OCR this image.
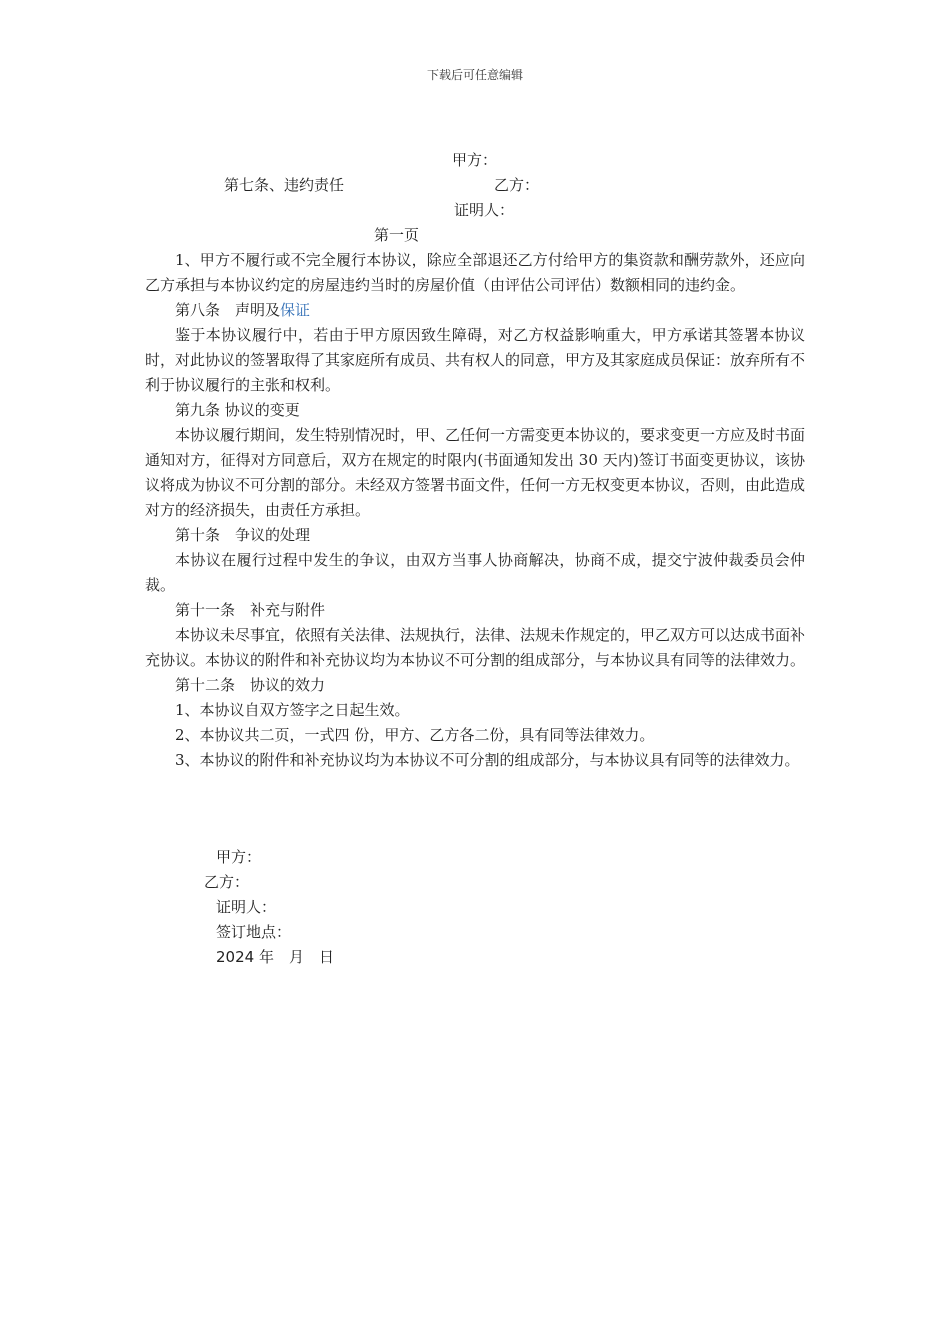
下载后可任意编辑
甲方：
第七条、违约责任	乙方：
证明人：
第一页

1、甲方不履行或不完全履行本协议，除应全部退还乙方付给甲方的集资款和酬劳款外，还应向乙方承担与本协议约定的房屋违约当时的房屋价值（由评估公司评估）数额相同的违约金。

第八条　声明及保证

鉴于本协议履行中，若由于甲方原因致生障碍，对乙方权益影响重大，甲方承诺其签署本协议时，对此协议的签署取得了其家庭所有成员、共有权人的同意，甲方及其家庭成员保证：放弃所有不利于协议履行的主张和权利。

第九条 协议的变更

本协议履行期间，发生特别情况时，甲、乙任何一方需变更本协议的，要求变更一方应及时书面通知对方，征得对方同意后，双方在规定的时限内(书面通知发出 30 天内)签订书面变更协议，该协议将成为协议不可分割的部分。未经双方签署书面文件，任何一方无权变更本协议，否则，由此造成对方的经济损失，由责任方承担。

第十条　争议的处理

本协议在履行过程中发生的争议，由双方当事人协商解决，协商不成，提交宁波仲裁委员会仲裁。

第十一条　补充与附件

本协议未尽事宜，依照有关法律、法规执行，法律、法规未作规定的，甲乙双方可以达成书面补充协议。本协议的附件和补充协议均为本协议不可分割的组成部分，与本协议具有同等的法律效力。

第十二条　协议的效力

1、本协议自双方签字之日起生效。

2、本协议共二页，一式四 份，甲方、乙方各二份，具有同等法律效力。

3、本协议的附件和补充协议均为本协议不可分割的组成部分，与本协议具有同等的法律效力。

甲方：
乙方：
证明人：
签订地点：
2024 年　月　日
